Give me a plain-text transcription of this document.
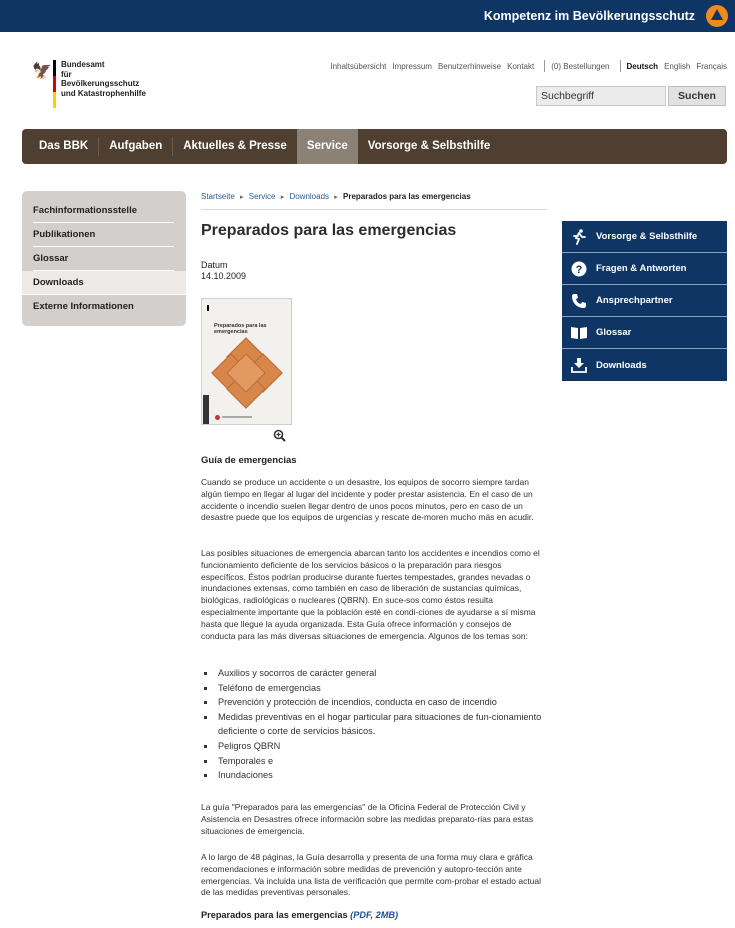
Kompetenz im Bevölkerungsschutz
🦅 Bundesamt
für Bevölkerungsschutz
und Katastrophenhilfe
Inhaltsübersicht Impressum Benutzerhinweise Kontakt (0) Bestellungen Deutsch English Français
Suchbegriff
Suchen
Das BBK	Aufgaben	Aktuelles & Presse	Service	Vorsorge & Selbsthilfe
Fachinformationsstelle
Publikationen
Glossar
Downloads
Externe Informationen
Startseite ▸ Service ▸ Downloads ▸ Preparados para las emergencias
Preparados para las emergencias
Datum
14.10.2009
Preparados para las emergencias
Guía de emergencias

Cuando se produce un accidente o un desastre, los equipos de socorro siempre tardan algún tiempo en llegar al lugar del incidente y poder prestar asistencia. En el caso de un accidente o incendio suelen llegar dentro de unos pocos minutos, pero en caso de un desastre puede que los equipos de urgencias y rescate de-moren mucho más en acudir.

Las posibles situaciones de emergencia abarcan tanto los accidentes e incendios como el funcionamiento deficiente de los servicios básicos o la preparación para riesgos específicos. Éstos podrían producirse durante fuertes tempestades, grandes nevadas o inundaciones extensas, como también en caso de liberación de sustancias químicas, biológicas, radiológicas o nucleares (QBRN). En suce-sos como éstos resulta especialmente importante que la población esté en condi-ciones de ayudarse a sí misma hasta que llegue la ayuda organizada. Esta Guía ofrece información y consejos de conducta para las más diversas situaciones de emergencia. Algunos de los temas son:

Auxilios y socorros de carácter general
Teléfono de emergencias
Prevención y protección de incendios, conducta en caso de incendio
Medidas preventivas en el hogar particular para situaciones de fun-cionamiento deficiente o corte de servicios básicos.
Peligros QBRN
Temporales e
Inundaciones

La guía "Preparados para las emergencias" de la Oficina Federal de Protección Civil y Asistencia en Desastres ofrece información sobre las medidas preparato-rias para estas situaciones de emergencia.

A lo largo de 48 páginas, la Guía desarrolla y presenta de una forma muy clara e gráfica recomendaciones e información sobre medidas de prevención y autopro-tección ante emergencias. Va incluida una lista de verificación que permite com-probar el estado actual de las medidas preventivas personales.

Preparados para las emergencias (PDF, 2MB)
Vorsorge & Selbsthilfe
? Fragen & Antworten
Ansprechpartner
Glossar
Downloads
